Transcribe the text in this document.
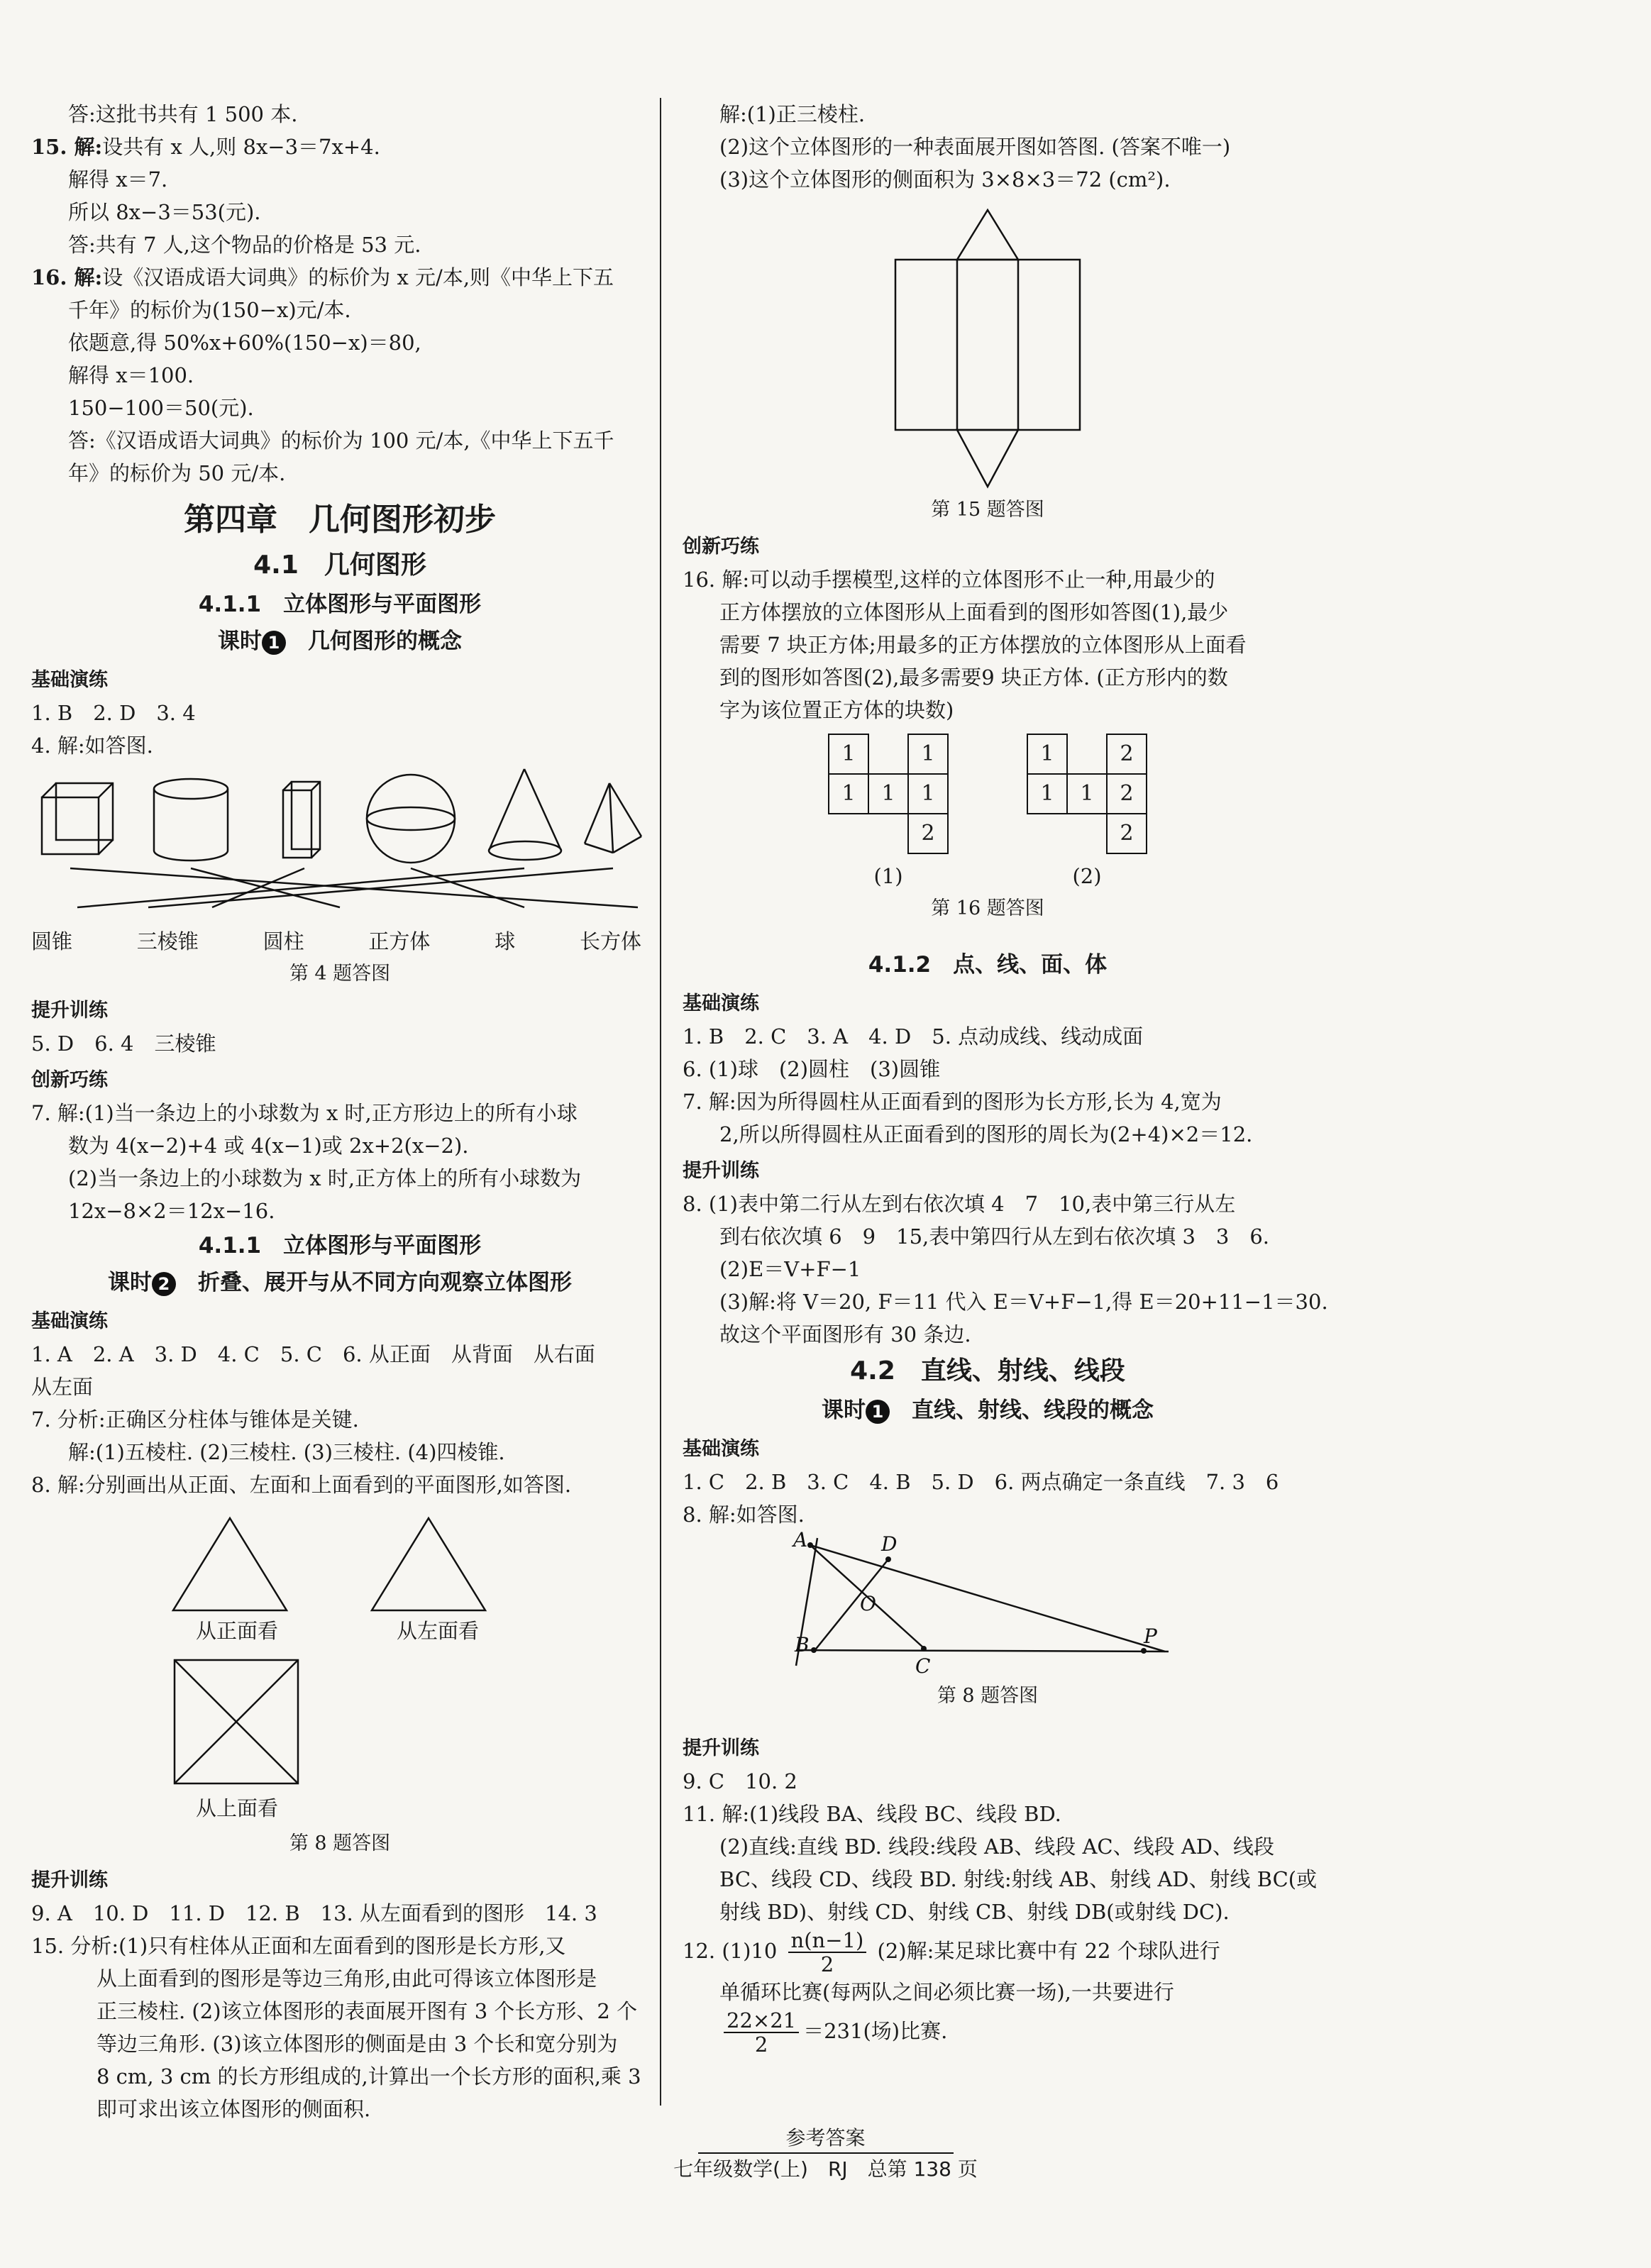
答:这批书共有 1 500 本.
15. 解:设共有 x 人,则 8x−3＝7x+4.
解得 x＝7.
所以 8x−3＝53(元).
答:共有 7 人,这个物品的价格是 53 元.
16. 解:设《汉语成语大词典》的标价为 x 元/本,则《中华上下五
千年》的标价为(150−x)元/本.
依题意,得 50%x+60%(150−x)＝80,
解得 x＝100.
150−100＝50(元).
答:《汉语成语大词典》的标价为 100 元/本,《中华上下五千
年》的标价为 50 元/本.
第四章　几何图形初步
4.1　几何图形
4.1.1　立体图形与平面图形
课时 1　 几何图形的概念
基础演练
1. B　2. D　3. 4
4. 解:如答图.
圆锥	三棱锥	圆柱	正方体	球	长方体
第 4 题答图
提升训练
5. D　6. 4　三棱锥
创新巧练
7. 解:(1)当一条边上的小球数为 x 时,正方形边上的所有小球
数为 4(x−2)+4 或 4(x−1)或 2x+2(x−2).
(2)当一条边上的小球数为 x 时,正方体上的所有小球数为
12x−8×2＝12x−16.
4.1.1　立体图形与平面图形
课时 2　 折叠、展开与从不同方向观察立体图形
基础演练
1. A　2. A　3. D　4. C　5. C　6. 从正面　从背面　从右面
从左面
7. 分析:正确区分柱体与锥体是关键.
解:(1)五棱柱. (2)三棱柱. (3)三棱柱. (4)四棱锥.
8. 解:分别画出从正面、左面和上面看到的平面图形,如答图.
从正面看	从左面看
从上面看
第 8 题答图
提升训练
9. A　10. D　11. D　12. B　13. 从左面看到的图形　14. 3
15. 分析:(1)只有柱体从正面和左面看到的图形是长方形,又
从上面看到的图形是等边三角形,由此可得该立体图形是
正三棱柱. (2)该立体图形的表面展开图有 3 个长方形、2 个
等边三角形. (3)该立体图形的侧面是由 3 个长和宽分别为
8 cm, 3 cm 的长方形组成的,计算出一个长方形的面积,乘 3
即可求出该立体图形的侧面积.
解:(1)正三棱柱.
(2)这个立体图形的一种表面展开图如答图. (答案不唯一)
(3)这个立体图形的侧面积为 3×8×3＝72 (cm²).
第 15 题答图
创新巧练
16. 解:可以动手摆模型,这样的立体图形不止一种,用最少的
正方体摆放的立体图形从上面看到的图形如答图(1),最少
需要 7 块正方体;用最多的正方体摆放的立体图形从上面看
到的图形如答图(2),最多需要9 块正方体. (正方形内的数
字为该位置正方体的块数)
1		1
1	1	1
		2
(1)
1		2
1	1	2
		2
(2)
第 16 题答图
4.1.2　点、线、面、体
基础演练
1. B　2. C　3. A　4. D　5. 点动成线、线动成面
6. (1)球　(2)圆柱　(3)圆锥
7. 解:因为所得圆柱从正面看到的图形为长方形,长为 4,宽为
2,所以所得圆柱从正面看到的图形的周长为(2+4)×2＝12.
提升训练
8. (1)表中第二行从左到右依次填 4　7　10,表中第三行从左
到右依次填 6　9　15,表中第四行从左到右依次填 3　3　6.
(2)E＝V+F−1
(3)解:将 V＝20, F＝11 代入 E＝V+F−1,得 E＝20+11−1＝30.
故这个平面图形有 30 条边.
4.2　直线、射线、线段
课时 1　 直线、射线、线段的概念
基础演练
1. C　2. B　3. C　4. B　5. D　6. 两点确定一条直线　7. 3　6
8. 解:如答图.
A	D
O
B
C
P
第 8 题答图
提升训练
9. C　10. 2
11. 解:(1)线段 BA、线段 BC、线段 BD.
(2)直线:直线 BD. 线段:线段 AB、线段 AC、线段 AD、线段
BC、线段 CD、线段 BD. 射线:射线 AB、射线 AD、射线 BC(或
射线 BD)、射线 CD、射线 CB、射线 DB(或射线 DC).
12. $(1)10 \frac{n(n-1)}{2} (2)$解:某足球比赛中有 22 个球队进行
单循环比赛(每两队之间必须比赛一场),一共要进行
$\frac{22\times 21}{2} =231$(场)比赛.
参考答案
七年级数学(上)　RJ　总第 138 页
